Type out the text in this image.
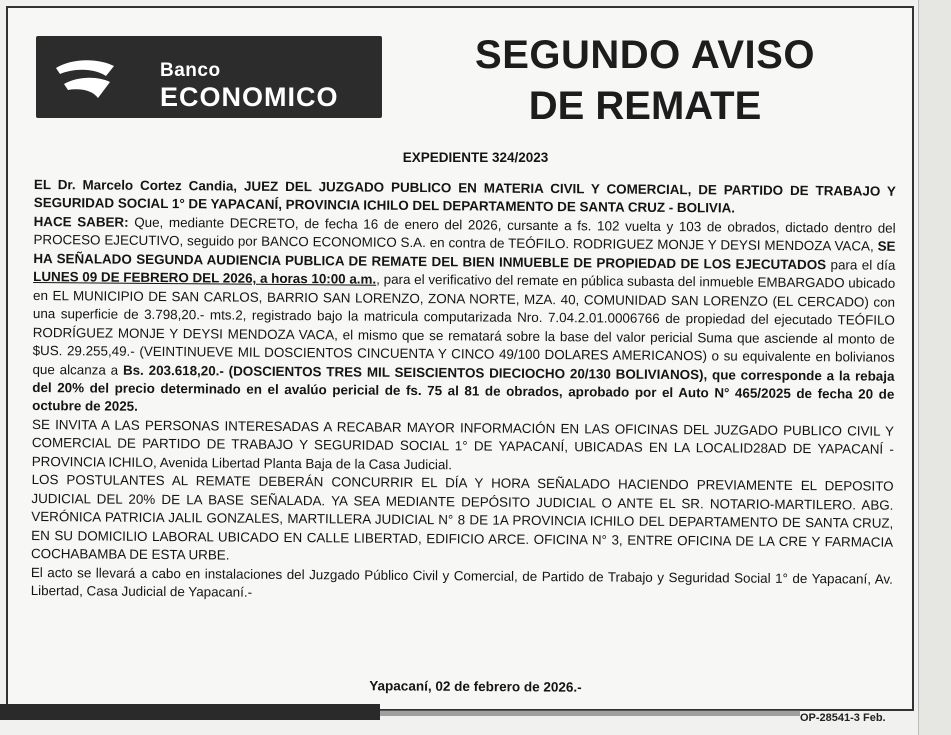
Banco
ECONOMICO
SEGUNDO AVISO
DE REMATE
EXPEDIENTE 324/2023

EL Dr. Marcelo Cortez Candia, JUEZ DEL JUZGADO PUBLICO EN MATERIA CIVIL Y COMERCIAL, DE PARTIDO DE TRABAJO Y SEGURIDAD SOCIAL 1° DE YAPACANÍ, PROVINCIA ICHILO DEL DEPARTAMENTO DE SANTA CRUZ - BOLIVIA.

HACE SABER: Que, mediante DECRETO, de fecha 16 de enero del 2026, cursante a fs. 102 vuelta y 103 de obrados, dictado dentro del PROCESO EJECUTIVO, seguido por BANCO ECONOMICO S.A. en contra de TEÓFILO. RODRIGUEZ MONJE Y DEYSI MENDOZA VACA, SE HA SEÑALADO SEGUNDA AUDIENCIA PUBLICA DE REMATE DEL BIEN INMUEBLE DE PROPIEDAD DE LOS EJECUTADOS para el día LUNES 09 DE FEBRERO DEL 2026, a horas 10:00 a.m., para el verificativo del remate en pública subasta del inmueble EMBARGADO ubicado en EL MUNICIPIO DE SAN CARLOS, BARRIO SAN LORENZO, ZONA NORTE, MZA. 40, COMUNIDAD SAN LORENZO (EL CERCADO) con una superficie de 3.798,20.- mts.2, registrado bajo la matricula computarizada Nro. 7.04.2.01.0006766 de propiedad del ejecutado TEÓFILO RODRÍGUEZ MONJE Y DEYSI MENDOZA VACA, el mismo que se rematará sobre la base del valor pericial Suma que asciende al monto de $US. 29.255,49.- (VEINTINUEVE MIL DOSCIENTOS CINCUENTA Y CINCO 49/100 DOLARES AMERICANOS) o su equivalente en bolivianos que alcanza a Bs. 203.618,20.- (DOSCIENTOS TRES MIL SEISCIENTOS DIECIOCHO 20/130 BOLIVIANOS), que corresponde a la rebaja del 20% del precio determinado en el avalúo pericial de fs. 75 al 81 de obrados, aprobado por el Auto N° 465/2025 de fecha 20 de octubre de 2025.

SE INVITA A LAS PERSONAS INTERESADAS A RECABAR MAYOR INFORMACIÓN EN LAS OFICINAS DEL JUZGADO PUBLICO CIVIL Y COMERCIAL DE PARTIDO DE TRABAJO Y SEGURIDAD SOCIAL 1° DE YAPACANÍ, UBICADAS EN LA LOCALID28AD DE YAPACANÍ - PROVINCIA ICHILO, Avenida Libertad Planta Baja de la Casa Judicial.

LOS POSTULANTES AL REMATE DEBERÁN CONCURRIR EL DÍA Y HORA SEÑALADO HACIENDO PREVIAMENTE EL DEPOSITO JUDICIAL DEL 20% DE LA BASE SEÑALADA. YA SEA MEDIANTE DEPÓSITO JUDICIAL O ANTE EL SR. NOTARIO-MARTILERO. ABG. VERÓNICA PATRICIA JALIL GONZALES, MARTILLERA JUDICIAL N° 8 DE 1A PROVINCIA ICHILO DEL DEPARTAMENTO DE SANTA CRUZ, EN SU DOMICILIO LABORAL UBICADO EN CALLE LIBERTAD, EDIFICIO ARCE. OFICINA N° 3, ENTRE OFICINA DE LA CRE Y FARMACIA COCHABAMBA DE ESTA URBE.

El acto se llevará a cabo en instalaciones del Juzgado Público Civil y Comercial, de Partido de Trabajo y Seguridad Social 1° de Yapacaní, Av. Libertad, Casa Judicial de Yapacaní.-

Yapacaní, 02 de febrero de 2026.-
OP-28541-3 Feb.
